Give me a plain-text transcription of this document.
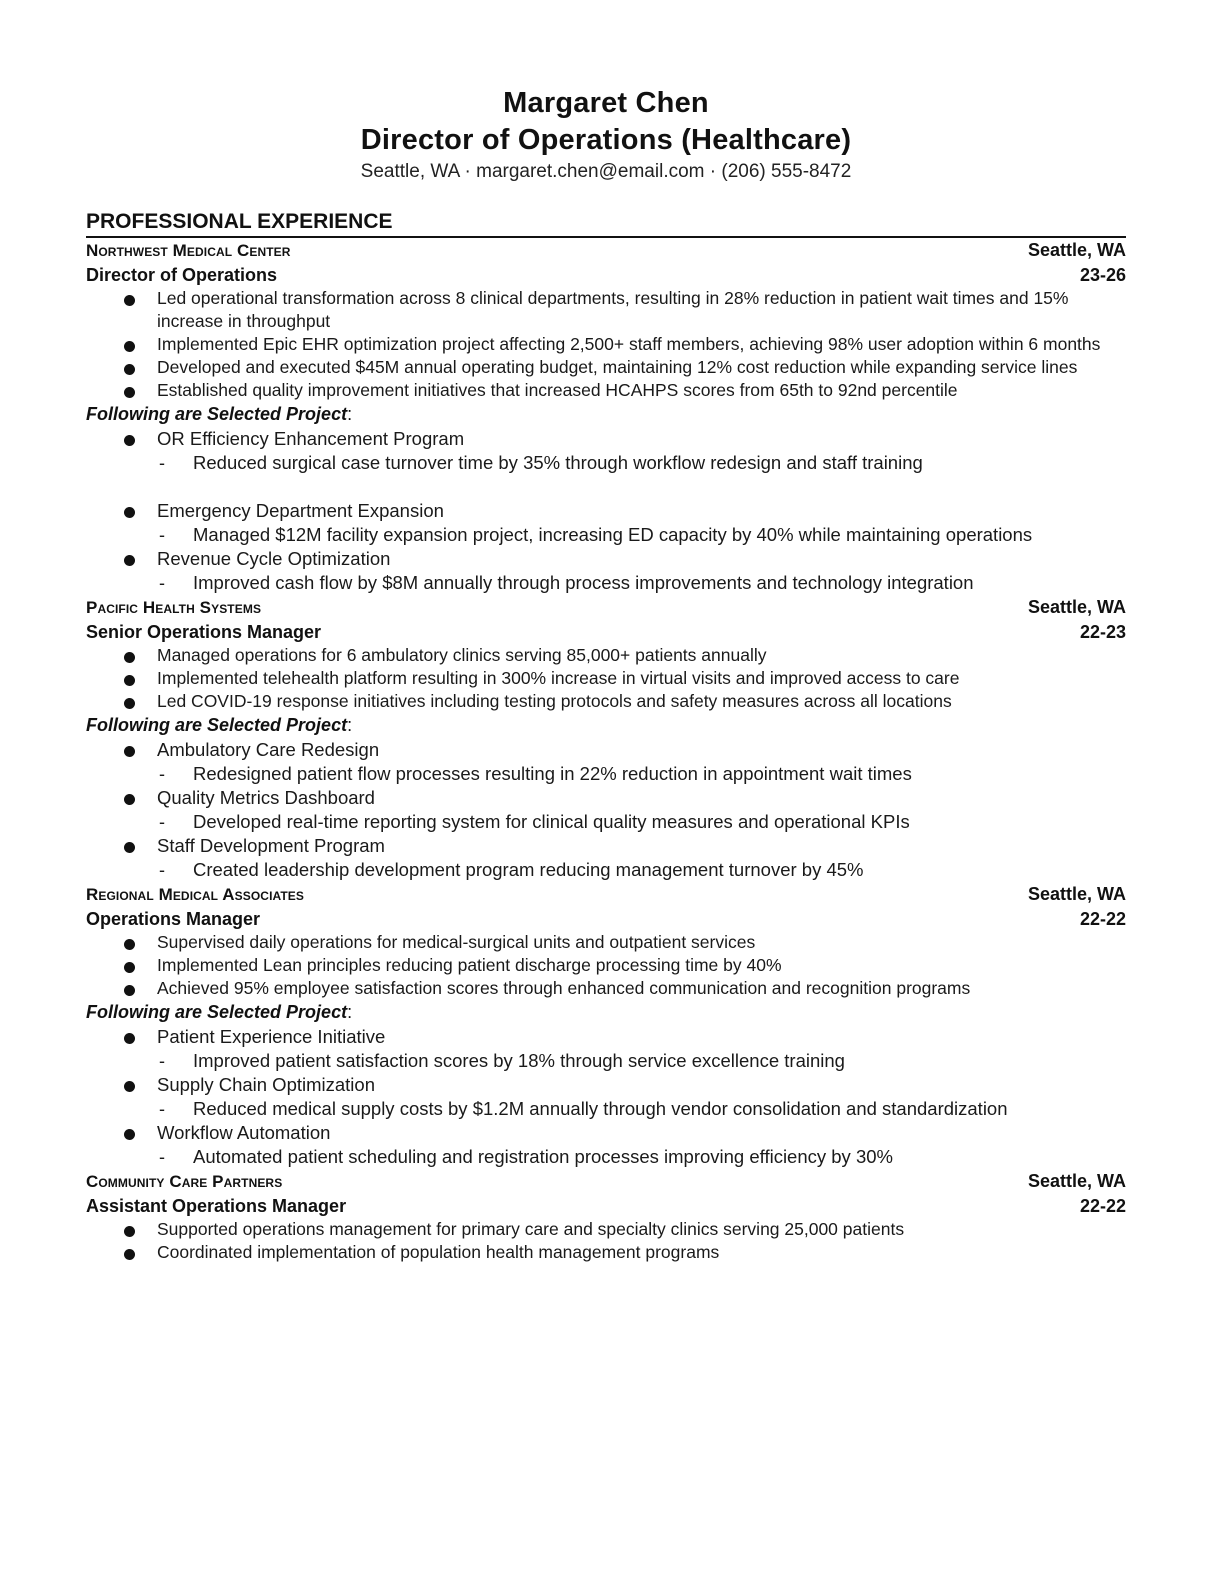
Margaret Chen
Director of Operations (Healthcare)
Seattle, WA · margaret.chen@email.com · (206) 555-8472
PROFESSIONAL EXPERIENCE
Northwest Medical Center	Seattle, WA
Director of Operations	23-26
Led operational transformation across 8 clinical departments, resulting in 28% reduction in patient wait times and 15% increase in throughput
Implemented Epic EHR optimization project affecting 2,500+ staff members, achieving 98% user adoption within 6 months
Developed and executed $45M annual operating budget, maintaining 12% cost reduction while expanding service lines
Established quality improvement initiatives that increased HCAHPS scores from 65th to 92nd percentile
Following are Selected Project:
OR Efficiency Enhancement Program
- Reduced surgical case turnover time by 35% through workflow redesign and staff training
Emergency Department Expansion
- Managed $12M facility expansion project, increasing ED capacity by 40% while maintaining operations
Revenue Cycle Optimization
- Improved cash flow by $8M annually through process improvements and technology integration
Pacific Health Systems	Seattle, WA
Senior Operations Manager	22-23
Managed operations for 6 ambulatory clinics serving 85,000+ patients annually
Implemented telehealth platform resulting in 300% increase in virtual visits and improved access to care
Led COVID-19 response initiatives including testing protocols and safety measures across all locations
Following are Selected Project:
Ambulatory Care Redesign
- Redesigned patient flow processes resulting in 22% reduction in appointment wait times
Quality Metrics Dashboard
- Developed real-time reporting system for clinical quality measures and operational KPIs
Staff Development Program
- Created leadership development program reducing management turnover by 45%
Regional Medical Associates	Seattle, WA
Operations Manager	22-22
Supervised daily operations for medical-surgical units and outpatient services
Implemented Lean principles reducing patient discharge processing time by 40%
Achieved 95% employee satisfaction scores through enhanced communication and recognition programs
Following are Selected Project:
Patient Experience Initiative
- Improved patient satisfaction scores by 18% through service excellence training
Supply Chain Optimization
- Reduced medical supply costs by $1.2M annually through vendor consolidation and standardization
Workflow Automation
- Automated patient scheduling and registration processes improving efficiency by 30%
Community Care Partners	Seattle, WA
Assistant Operations Manager	22-22
Supported operations management for primary care and specialty clinics serving 25,000 patients
Coordinated implementation of population health management programs
